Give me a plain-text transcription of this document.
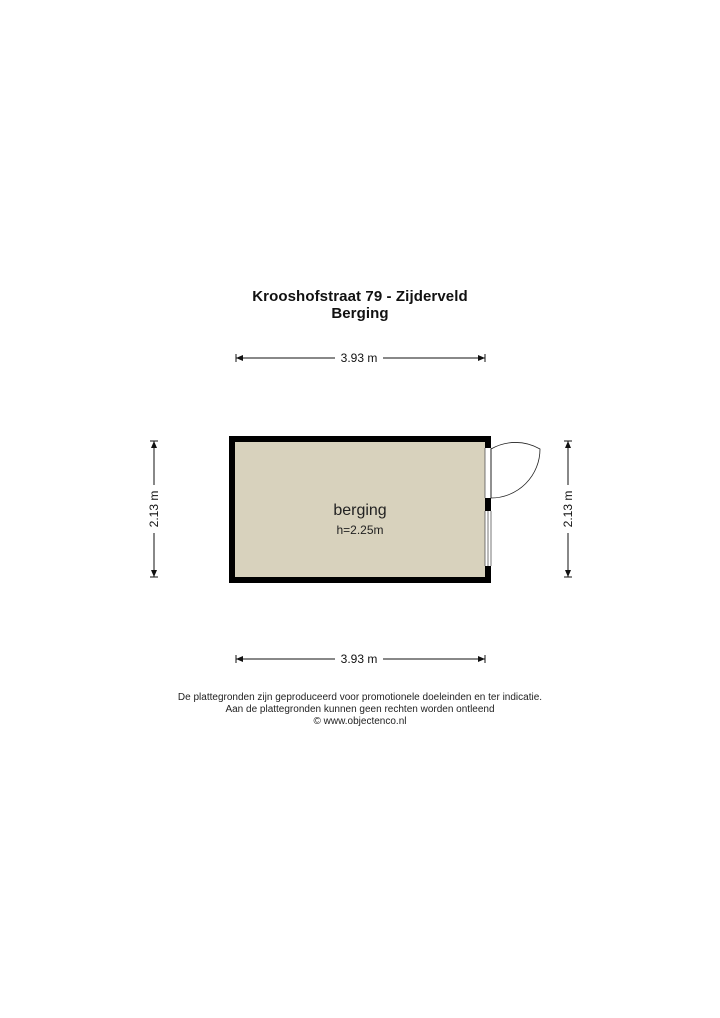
Krooshofstraat 79 - Zijderveld
Berging
3.93 m
3.93 m
2.13 m	2.13 m
berging
h=2.25m
De plattegronden zijn geproduceerd voor promotionele doeleinden en ter indicatie.
Aan de plattegronden kunnen geen rechten worden ontleend
© www.objectenco.nl
